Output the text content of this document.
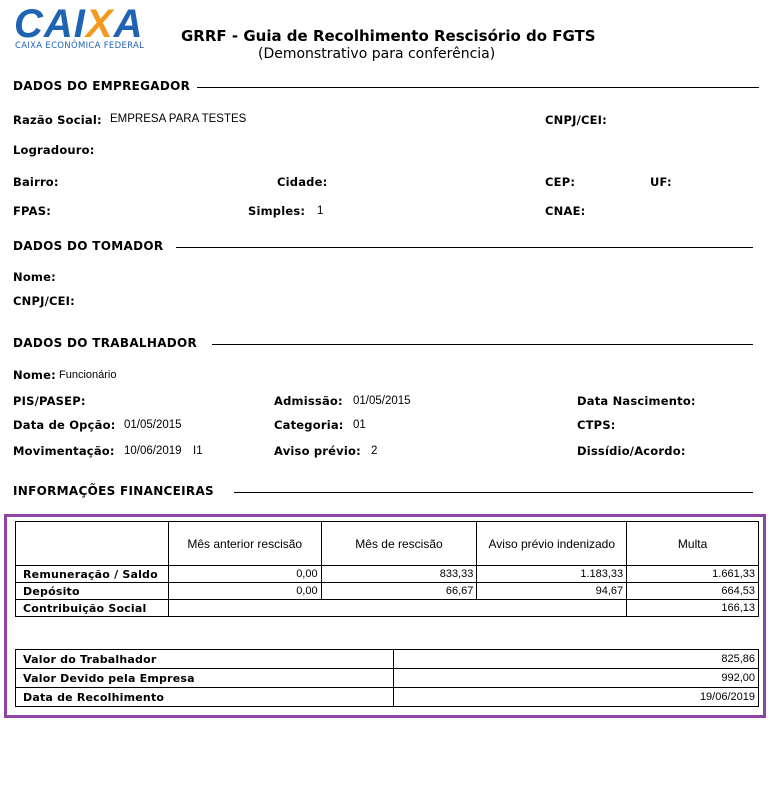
CAIXA
CAIXA ECONÔMICA FEDERAL
GRRF - Guia de Recolhimento Rescisório do FGTS
(Demonstrativo para conferência)
DADOS DO EMPREGADOR
Razão Social: EMPRESA PARA TESTES	CNPJ/CEI:
Logradouro:
Bairro:	Cidade:	CEP:	UF:
FPAS:	Simples: 1	CNAE:
DADOS DO TOMADOR
Nome:
CNPJ/CEI:
DADOS DO TRABALHADOR
Nome: Funcionário
PIS/PASEP:	Admissão: 01/05/2015	Data Nascimento:
Data de Opção: 01/05/2015	Categoria: 01	CTPS:
Movimentação: 10/06/2019 I1	Aviso prévio: 2	Dissídio/Acordo:
INFORMAÇÕES FINANCEIRAS
	Mês anterior rescisão	Mês de rescisão	Aviso prévio indenizado	Multa
Remuneração / Saldo	0,00	833,33	1.183,33	1.661,33
Depósito	0,00	66,67	94,67	664,53
Contribuição Social				166,13
Valor do Trabalhador	825,86
Valor Devido pela Empresa	992,00
Data de Recolhimento	19/06/2019
